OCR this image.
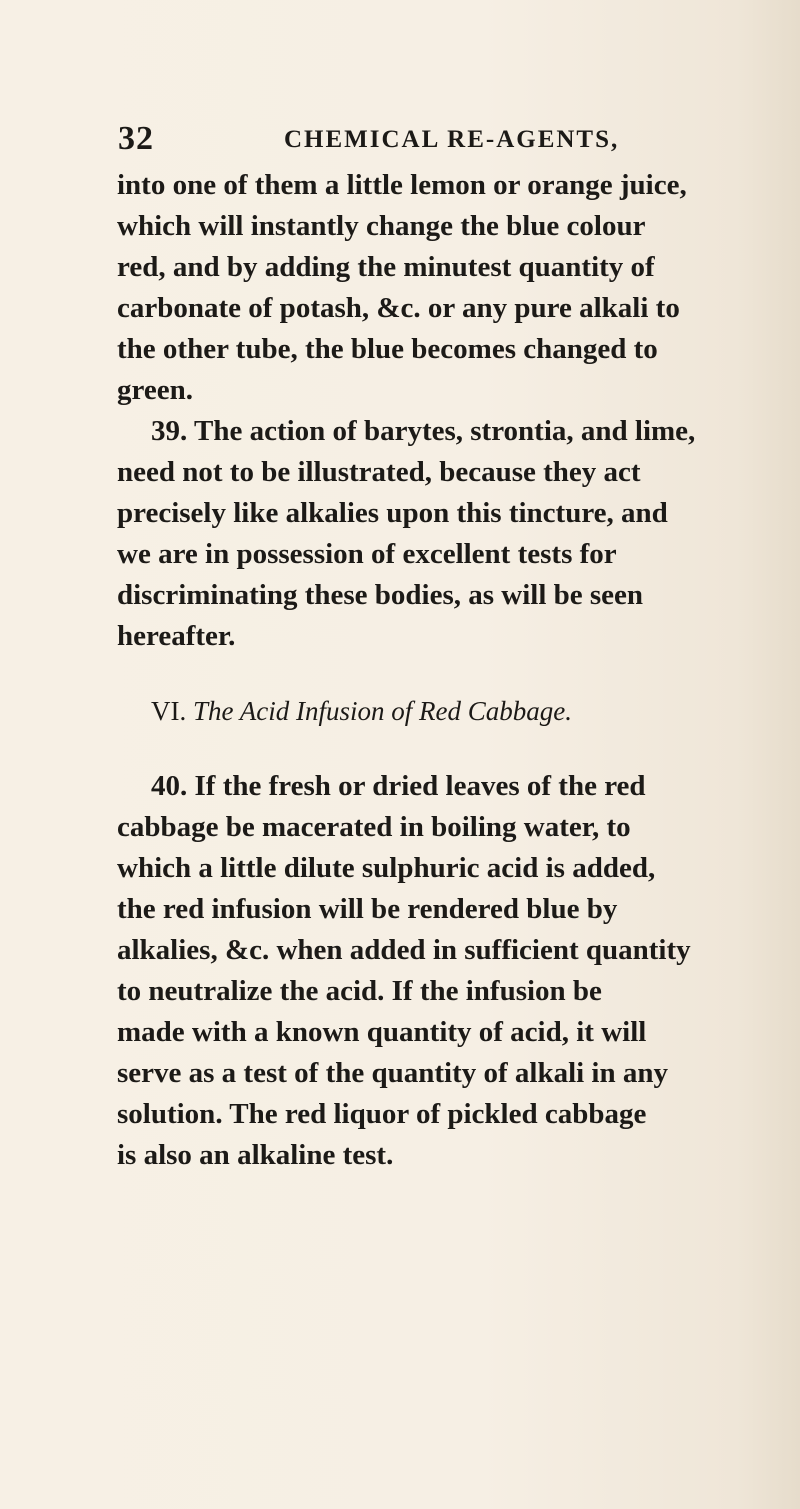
32	CHEMICAL RE-AGENTS,
into one of them a little lemon or orange juice,
which will instantly change the blue colour
red, and by adding the minutest quantity of
carbonate of potash, &c. or any pure alkali to
the other tube, the blue becomes changed to
green.
39. The action of barytes, strontia, and lime,
need not to be illustrated, because they act
precisely like alkalies upon this tincture, and
we are in possession of excellent tests for
discriminating these bodies, as will be seen
hereafter.
VI. The Acid Infusion of Red Cabbage.
40. If the fresh or dried leaves of the red
cabbage be macerated in boiling water, to
which a little dilute sulphuric acid is added,
the red infusion will be rendered blue by
alkalies, &c. when added in sufficient quantity
to neutralize the acid. If the infusion be
made with a known quantity of acid, it will
serve as a test of the quantity of alkali in any
solution. The red liquor of pickled cabbage
is also an alkaline test.
